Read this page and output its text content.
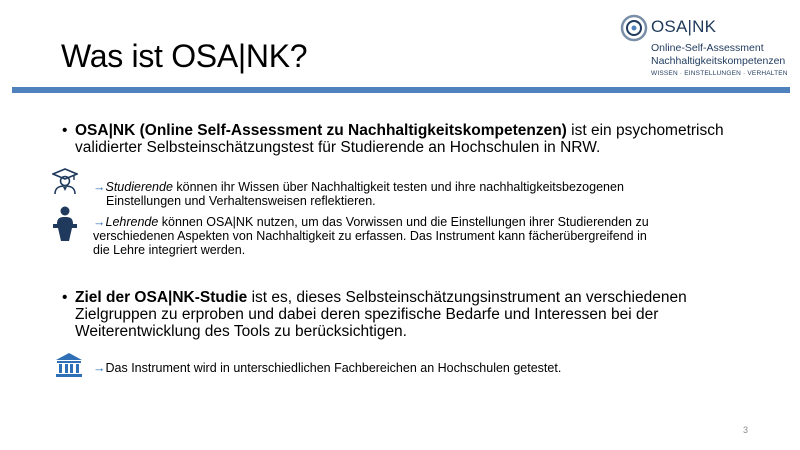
Was ist OSA|NK?
OSA|NK
Online-Self-Assessment
Nachhaltigkeitskompetenzen
WISSEN · EINSTELLUNGEN · VERHALTEN
• OSA|NK (Online Self-Assessment zu Nachhaltigkeitskompetenzen) ist ein psychometrisch
validierter Selbsteinschätzungstest für Studierende an Hochschulen in NRW.
→Studierende können ihr Wissen über Nachhaltigkeit testen und ihre nachhaltigkeitsbezogenen
Einstellungen und Verhaltensweisen reflektieren.
→Lehrende können OSA|NK nutzen, um das Vorwissen und die Einstellungen ihrer Studierenden zu
verschiedenen Aspekten von Nachhaltigkeit zu erfassen. Das Instrument kann fächerübergreifend in
die Lehre integriert werden.
• Ziel der OSA|NK-Studie ist es, dieses Selbsteinschätzungsinstrument an verschiedenen
Zielgruppen zu erproben und dabei deren spezifische Bedarfe und Interessen bei der
Weiterentwicklung des Tools zu berücksichtigen.
→Das Instrument wird in unterschiedlichen Fachbereichen an Hochschulen getestet.
3
